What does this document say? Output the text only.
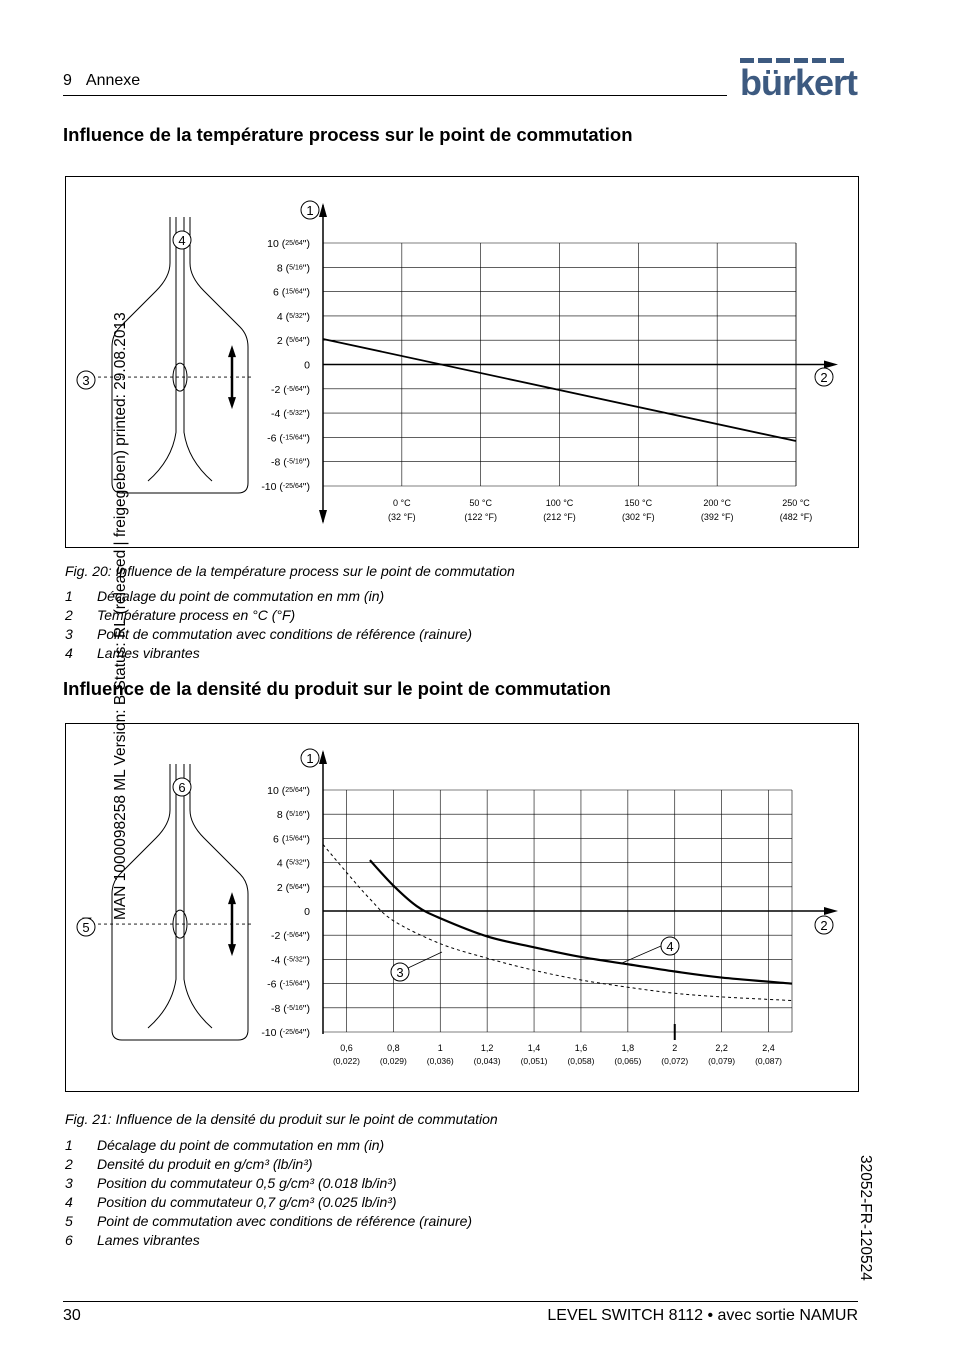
9 Annexe	bürkert
Influence de la température process sur le point de commutation
10 (25/64")
8 (5/16")
6 (15/64")
4 (5/32")
2 (5/64")
0
-2 (-5/64")
-4 (-5/32")
-6 (-15/64")
-8 (-5/16")
-10 (-25/64")
0 °C
(32 °F)
50 °C
(122 °F)
100 °C
(212 °F)
150 °C
(302 °F)
200 °C
(392 °F)
250 °C
(482 °F)
1
2
4
3
Fig. 20: Influence de la température process sur le point de commutation
1 Décalage du point de commutation en mm (in)
2 Température process en °C (°F)
3 Point de commutation avec conditions de référence (rainure)
4 Lames vibrantes
Influence de la densité du produit sur le point de commutation
10 (25/64")
8 (5/16")
6 (15/64")
4 (5/32")
2 (5/64")
0
-2 (-5/64")
-4 (-5/32")
-6 (-15/64")
-8 (-5/16")
-10 (-25/64")
0,6
(0,022)
0,8
(0,029)
1
(0,036)
1,2
(0,043)
1,4
(0,051)
1,6
(0,058)
1,8
(0,065)
2
(0,072)
2,2
(0,079)
2,4
(0,087)
1
2
3
4
6
5
Fig. 21: Influence de la densité du produit sur le point de commutation
1 Décalage du point de commutation en mm (in)
2 Densité du produit en g/cm³ (lb/in³)
3 Position du commutateur 0,5 g/cm³ (0.018 lb/in³)
4 Position du commutateur 0,7 g/cm³ (0.025 lb/in³)
5 Point de commutation avec conditions de référence (rainure)
6 Lames vibrantes
MAN 1000098258 ML Version: B Status: RL (released | freigegeben) printed: 29.08.2013
32052-FR-120524
30	LEVEL SWITCH 8112 • avec sortie NAMUR
